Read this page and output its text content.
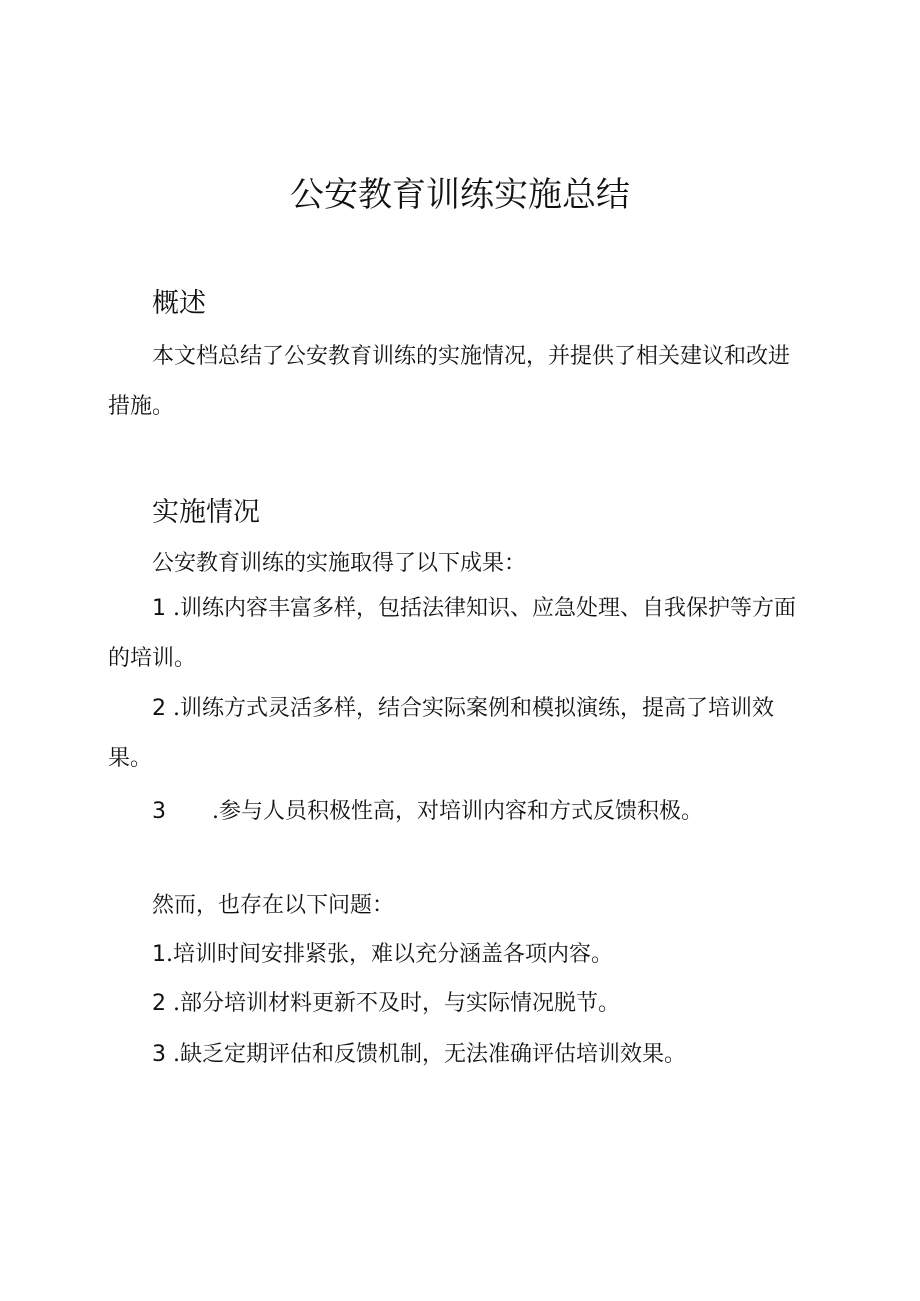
公安教育训练实施总结
概述

本文档总结了公安教育训练的实施情况，并提供了相关建议和改进措施。

实施情况

公安教育训练的实施取得了以下成果：

1 .训练内容丰富多样，包括法律知识、应急处理、自我保护等方面的培训。

2 .训练方式灵活多样，结合实际案例和模拟演练，提高了培训效果。

3 .参与人员积极性高，对培训内容和方式反馈积极。

然而，也存在以下问题：

1.培训时间安排紧张，难以充分涵盖各项内容。

2 .部分培训材料更新不及时，与实际情况脱节。

3 .缺乏定期评估和反馈机制，无法准确评估培训效果。
